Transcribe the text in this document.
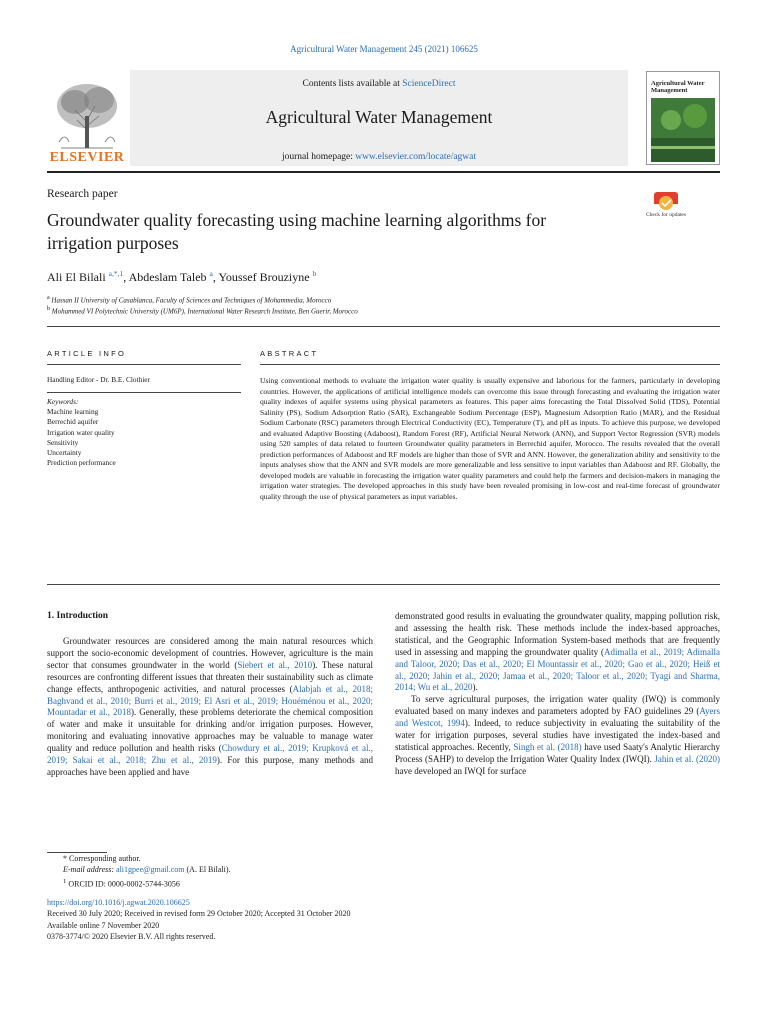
Agricultural Water Management 245 (2021) 106625
ELSEVIER
Contents lists available at ScienceDirect
Agricultural Water Management
journal homepage: www.elsevier.com/locate/agwat
Agricultural Water Management
Research paper
Groundwater quality forecasting using machine learning algorithms for
irrigation purposes
Check for updates
Ali El Bilali $^{a,*,1}$, Abdeslam Taleb $^a$, Youssef Brouziyne $^b$
$^a$ Hassan II University of Casablanca, Faculty of Sciences and Techniques of Mohammedia, Morocco
$^b$ Mohammed VI Polytechnic University (UM6P), International Water Research Institute, Ben Guerir, Morocco
ARTICLE INFO	ABSTRACT
Handling Editor - Dr. B.E. Clothier
Keywords:
Machine learning
Berrechid aquifer
Irrigation water quality
Sensitivity
Uncertainty
Prediction performance
Using conventional methods to evaluate the irrigation water quality is usually expensive and laborious for the farmers, particularly in developing countries. However, the applications of artificial intelligence models can overcome this issue through forecasting and evaluating the irrigation water quality indexes of aquifer systems using physical parameters as features. This paper aims forecasting the Total Dissolved Solid (TDS), Potential Salinity (PS), Sodium Adsorption Ratio (SAR), Exchangeable Sodium Percentage (ESP), Magnesium Adsorption Ratio (MAR), and the Residual Sodium Carbonate (RSC) parameters through Electrical Conductivity (EC), Temperature (T), and pH as inputs. To achieve this purpose, we developed and evaluated Adaptive Boosting (Adaboost), Random Forest (RF), Artificial Neural Network (ANN), and Support Vector Regression (SVR) models using 520 samples of data related to fourteen Groundwater quality parameters in Berrechid aquifer, Morocco. The results revealed that the overall prediction performances of Adaboost and RF models are higher than those of SVR and ANN. However, the generalization ability and sensitivity to the inputs analyses show that the ANN and SVR models are more generalizable and less sensitive to input variables than Adaboost and RF. Globally, the developed models are valuable in forecasting the irrigation water quality parameters and could help the farmers and decision-makers in managing the irrigation water strategies. The developed approaches in this study have been revealed promising in low-cost and real-time forecast of groundwater quality through the use of physical parameters as input variables.
1. Introduction

Groundwater resources are considered among the main natural resources which support the socio-economic development of countries. However, agriculture is the main sector that consumes groundwater in the world (Siebert et al., 2010). These natural resources are confronting different issues that threaten their sustainability such as climate change effects, anthropogenic activities, and natural processes (Alabjah et al., 2018; Baghvand et al., 2010; Burri et al., 2019; El Asri et al., 2019; Houéménou et al., 2020; Mountadar et al., 2018). Generally, these problems deteriorate the chemical composition of water and make it unsuitable for drinking and/or irrigation purposes. However, monitoring and evaluating innovative approaches may be valuable to manage water quality and reduce pollution and health risks (Chowdury et al., 2019; Krupková et al., 2019; Sakai et al., 2018; Zhu et al., 2019). For this purpose, many methods and approaches have been applied and have

demonstrated good results in evaluating the groundwater quality, mapping pollution risk, and assessing the health risk. These methods include the index-based approaches, statistical, and the Geographic Information System-based methods that are frequently used in assessing and mapping the groundwater quality (Adimalla et al., 2019; Adimalla and Taloor, 2020; Das et al., 2020; El Mountassir et al., 2020; Gao et al., 2020; Heiß et al., 2020; Jahin et al., 2020; Jamaa et al., 2020; Taloor et al., 2020; Tyagi and Sharma, 2014; Wu et al., 2020).

To serve agricultural purposes, the irrigation water quality (IWQ) is commonly evaluated based on many indexes and parameters adopted by FAO guidelines 29 (Ayers and Westcot, 1994). Indeed, to reduce subjectivity in evaluating the suitability of the water for irrigation purposes, several studies have investigated the index-based and statistical approaches. Recently, Singh et al. (2018) have used Saaty's Analytic Hierarchy Process (SAHP) to develop the Irrigation Water Quality Index (IWQI). Jahin et al. (2020) have developed an IWQI for surface

* Corresponding author.
E-mail address: ali1gpee@gmail.com (A. El Bilali).
$^1$ ORCID ID: 0000-0002-5744-3056
https://doi.org/10.1016/j.agwat.2020.106625
Received 30 July 2020; Received in revised form 29 October 2020; Accepted 31 October 2020
Available online 7 November 2020
0378-3774/© 2020 Elsevier B.V. All rights reserved.
